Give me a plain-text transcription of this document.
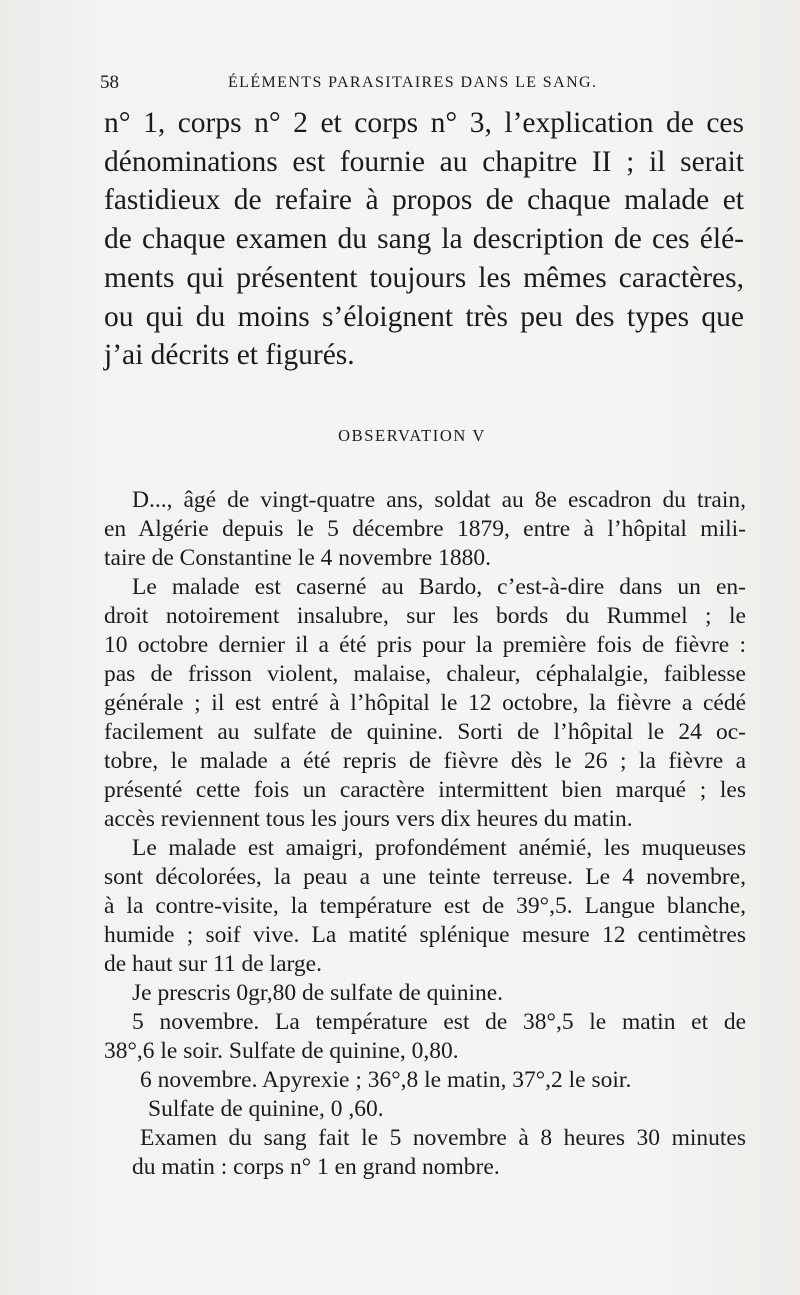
58	ÉLÉMENTS PARASITAIRES DANS LE SANG.
n° 1, corps n° 2 et corps n° 3, l’explication de ces
dénominations est fournie au chapitre II ; il serait
fastidieux de refaire à propos de chaque malade et
de chaque examen du sang la description de ces élé-
ments qui présentent toujours les mêmes caractères,
ou qui du moins s’éloignent très peu des types que
j’ai décrits et figurés.
OBSERVATION V
D..., âgé de vingt-quatre ans, soldat au 8e escadron du train,
en Algérie depuis le 5 décembre 1879, entre à l’hôpital mili-
taire de Constantine le 4 novembre 1880.
Le malade est caserné au Bardo, c’est-à-dire dans un en-
droit notoirement insalubre, sur les bords du Rummel ; le
10 octobre dernier il a été pris pour la première fois de fièvre :
pas de frisson violent, malaise, chaleur, céphalalgie, faiblesse
générale ; il est entré à l’hôpital le 12 octobre, la fièvre a cédé
facilement au sulfate de quinine. Sorti de l’hôpital le 24 oc-
tobre, le malade a été repris de fièvre dès le 26 ; la fièvre a
présenté cette fois un caractère intermittent bien marqué ; les
accès reviennent tous les jours vers dix heures du matin.
Le malade est amaigri, profondément anémié, les muqueuses
sont décolorées, la peau a une teinte terreuse. Le 4 novembre,
à la contre-visite, la température est de 39°,5. Langue blanche,
humide ; soif vive. La matité splénique mesure 12 centimètres
de haut sur 11 de large.
Je prescris 0gr,80 de sulfate de quinine.
5 novembre. La température est de 38°,5 le matin et de
38°,6 le soir. Sulfate de quinine, 0,80.
6 novembre. Apyrexie ; 36°,8 le matin, 37°,2 le soir.
Sulfate de quinine, 0 ,60.
Examen du sang fait le 5 novembre à 8 heures 30 minutes
du matin : corps n° 1 en grand nombre.
